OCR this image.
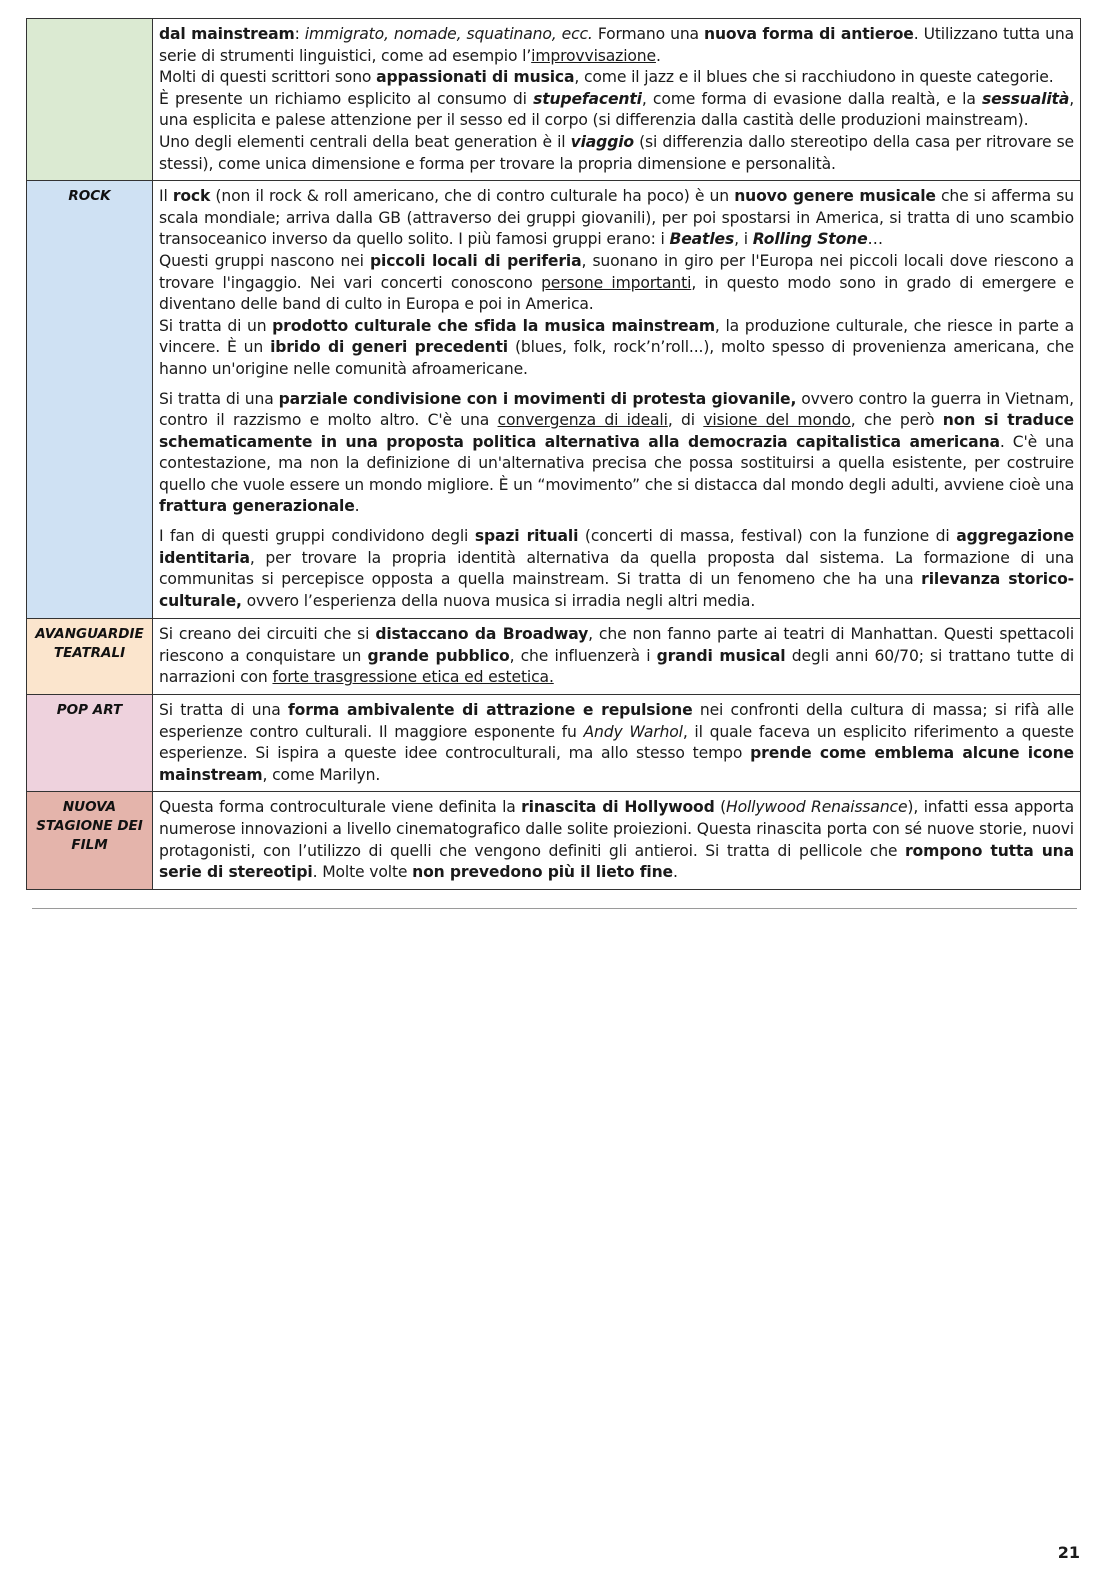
	dal mainstream: immigrato, nomade, squatinano, ecc. Formano una nuova forma di antieroe. Utilizzano tutta una serie di strumenti linguistici, come ad esempio l’improvvisazione.
Molti di questi scrittori sono appassionati di musica, come il jazz e il blues che si racchiudono in queste categorie.
È presente un richiamo esplicito al consumo di stupefacenti, come forma di evasione dalla realtà, e la sessualità, una esplicita e palese attenzione per il sesso ed il corpo (si differenzia dalla castità delle produzioni mainstream).
Uno degli elementi centrali della beat generation è il viaggio (si differenzia dallo stereotipo della casa per ritrovare se stessi), come unica dimensione e forma per trovare la propria dimensione e personalità.

ROCK	Il rock (non il rock & roll americano, che di contro culturale ha poco) è un nuovo genere musicale che si afferma su scala mondiale; arriva dalla GB (attraverso dei gruppi giovanili), per poi spostarsi in America, si tratta di uno scambio transoceanico inverso da quello solito. I più famosi gruppi erano: i Beatles, i Rolling Stone…
Questi gruppi nascono nei piccoli locali di periferia, suonano in giro per l'Europa nei piccoli locali dove riescono a trovare l'ingaggio. Nei vari concerti conoscono persone importanti, in questo modo sono in grado di emergere e diventano delle band di culto in Europa e poi in America.
Si tratta di un prodotto culturale che sfida la musica mainstream, la produzione culturale, che riesce in parte a vincere. È un ibrido di generi precedenti (blues, folk, rock’n’roll...), molto spesso di provenienza americana, che hanno un'origine nelle comunità afroamericane.

Si tratta di una parziale condivisione con i movimenti di protesta giovanile, ovvero contro la guerra in Vietnam, contro il razzismo e molto altro. C'è una convergenza di ideali, di visione del mondo, che però non si traduce schematicamente in una proposta politica alternativa alla democrazia capitalistica americana. C'è una contestazione, ma non la definizione di un'alternativa precisa che possa sostituirsi a quella esistente, per costruire quello che vuole essere un mondo migliore. È un “movimento” che si distacca dal mondo degli adulti, avviene cioè una frattura generazionale.

I fan di questi gruppi condividono degli spazi rituali (concerti di massa, festival) con la funzione di aggregazione identitaria, per trovare la propria identità alternativa da quella proposta dal sistema. La formazione di una communitas si percepisce opposta a quella mainstream. Si tratta di un fenomeno che ha una rilevanza storico-culturale, ovvero l’esperienza della nuova musica si irradia negli altri media.

AVANGUARDIE TEATRALI	Si creano dei circuiti che si distaccano da Broadway, che non fanno parte ai teatri di Manhattan. Questi spettacoli riescono a conquistare un grande pubblico, che influenzerà i grandi musical degli anni 60/70; si trattano tutte di narrazioni con forte trasgressione etica ed estetica.

POP ART	Si tratta di una forma ambivalente di attrazione e repulsione nei confronti della cultura di massa; si rifà alle esperienze contro culturali. Il maggiore esponente fu Andy Warhol, il quale faceva un esplicito riferimento a queste esperienze. Si ispira a queste idee controculturali, ma allo stesso tempo prende come emblema alcune icone mainstream, come Marilyn.

NUOVA STAGIONE DEI FILM	Questa forma controculturale viene definita la rinascita di Hollywood (Hollywood Renaissance), infatti essa apporta numerose innovazioni a livello cinematografico dalle solite proiezioni. Questa rinascita porta con sé nuove storie, nuovi protagonisti, con l’utilizzo di quelli che vengono definiti gli antieroi. Si tratta di pellicole che rompono tutta una serie di stereotipi. Molte volte non prevedono più il lieto fine.

21
